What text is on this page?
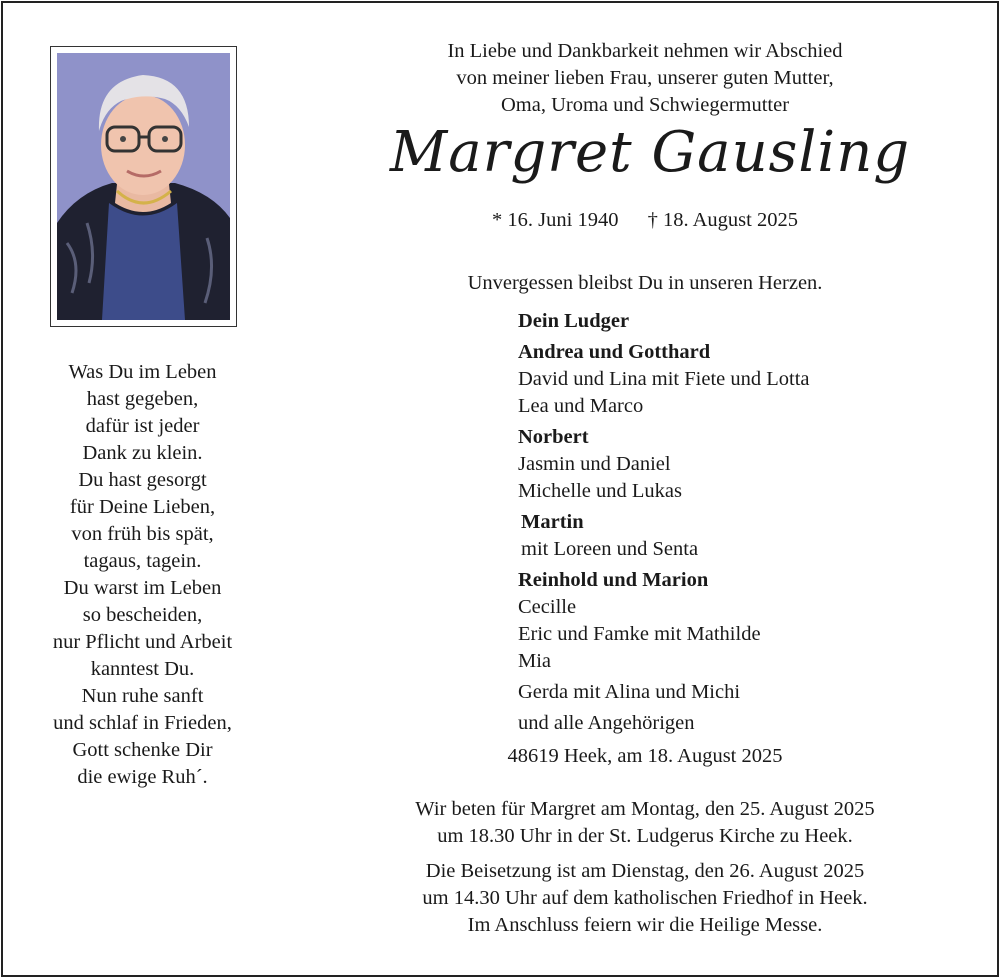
Was Du im Leben
hast gegeben,
dafür ist jeder
Dank zu klein.
Du hast gesorgt
für Deine Lieben,
von früh bis spät,
tagaus, tagein.
Du warst im Leben
so bescheiden,
nur Pflicht und Arbeit
kanntest Du.
Nun ruhe sanft
und schlaf in Frieden,
Gott schenke Dir
die ewige Ruh´.
In Liebe und Dankbarkeit nehmen wir Abschied
von meiner lieben Frau, unserer guten Mutter,
Oma, Uroma und Schwiegermutter
Margret Gausling
* 16. Juni 1940 † 18. August 2025
Unvergessen bleibst Du in unseren Herzen.
Dein Ludger
Andrea und Gotthard
David und Lina mit Fiete und Lotta
Lea und Marco
Norbert
Jasmin und Daniel
Michelle und Lukas
Martin
mit Loreen und Senta
Reinhold und Marion
Cecille
Eric und Famke mit Mathilde
Mia
Gerda mit Alina und Michi
und alle Angehörigen
48619 Heek, am 18. August 2025
Wir beten für Margret am Montag, den 25. August 2025
um 18.30 Uhr in der St. Ludgerus Kirche zu Heek.
Die Beisetzung ist am Dienstag, den 26. August 2025
um 14.30 Uhr auf dem katholischen Friedhof in Heek.
Im Anschluss feiern wir die Heilige Messe.
